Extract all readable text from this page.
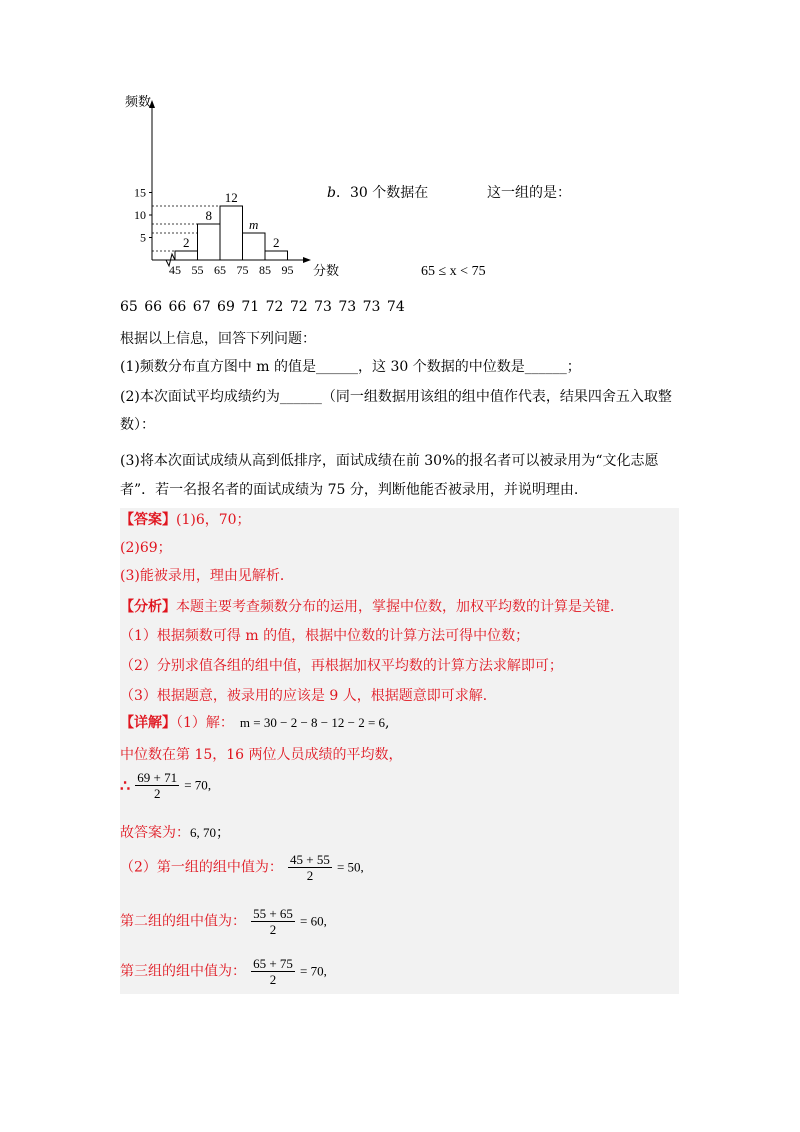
频数
分数
5
10
15
45 55 65 75 85 95
2
8
12
m
2
b．30 个数据在	这一组的是：
65 ≤ x < 75
65 66 66 67 69 71 72 72 73 73 73 74
根据以上信息，回答下列问题：
(1)频数分布直方图中 m 的值是______，这 30 个数据的中位数是______；
(2)本次面试平均成绩约为______（同一组数据用该组的组中值作代表，结果四舍五入取整
数）：
(3)将本次面试成绩从高到低排序，面试成绩在前 30%的报名者可以被录用为“文化志愿
者”．若一名报名者的面试成绩为 75 分，判断他能否被录用，并说明理由.
【答案】(1)6，70；
(2)69；
(3)能被录用，理由见解析．
【分析】本题主要考查频数分布的运用，掌握中位数，加权平均数的计算是关键．
（1）根据频数可得 m 的值，根据中位数的计算方法可得中位数；
（2）分别求值各组的组中值，再根据加权平均数的计算方法求解即可；
（3）根据题意，被录用的应该是 9 人，根据题意即可求解．
【详解】（1）解： m = 30 − 2 − 8 − 12 − 2 = 6,
中位数在第 15，16 两位人员成绩的平均数，
∴ $\frac{69 + 71}{2} = 70$,
故答案为：6, 70；
（2）第一组的组中值为： $\frac{45 + 55}{2} = 50$,
第二组的组中值为： $\frac{55 + 65}{2} = 60$,
第三组的组中值为： $\frac{65 + 75}{2} = 70$,
